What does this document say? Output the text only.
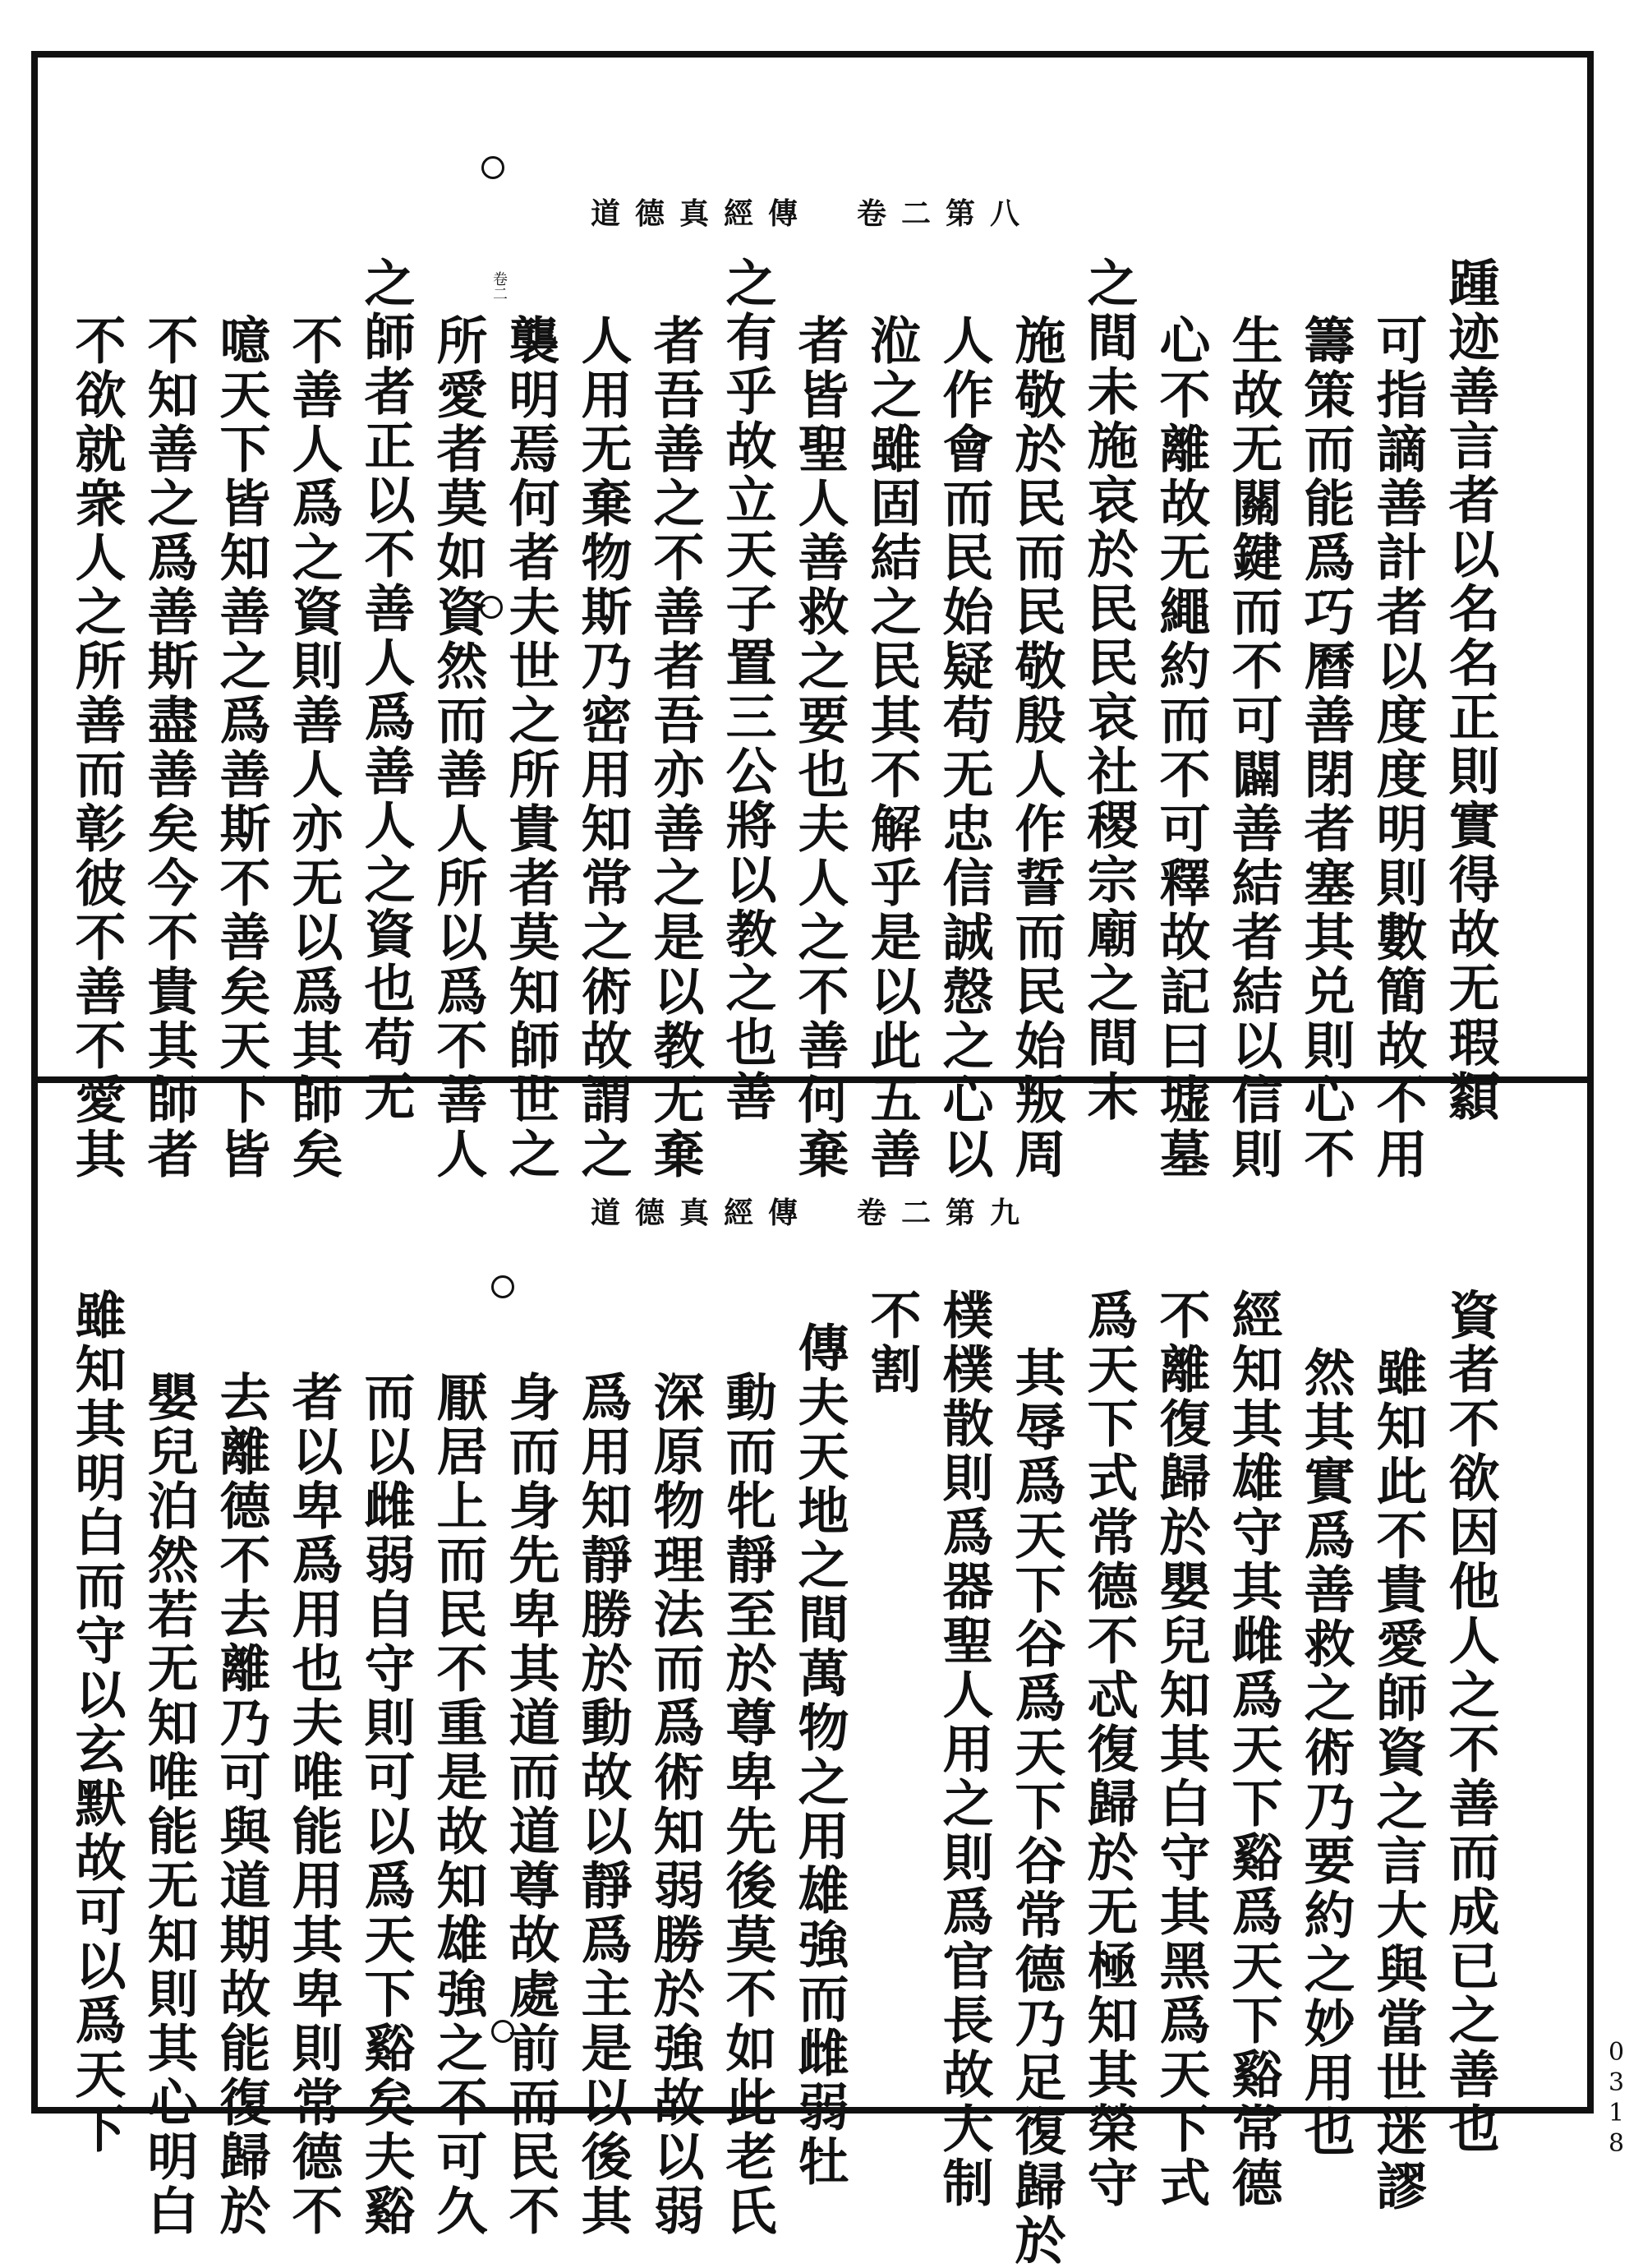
道德真經傳　卷二第八
踵迹善言者以名名正則實得故无瑕纇
可指謫善計者以度度明則數簡故不用
籌策而能爲巧曆善閉者塞其兑則心不
生故无關鍵而不可闢善結者結以信則
心不離故无繩約而不可釋故記曰墟墓
之間未施哀於民民哀社稷宗廟之間未
施敬於民而民敬殷人作誓而民始叛周
人作會而民始疑苟无忠信誠慤之心以
涖之雖固結之民其不解乎是以此五善
者皆聖人善救之要也夫人之不善何棄
之有乎故立天子置三公將以教之也善
者吾善之不善者吾亦善之是以教无棄
人用无棄物斯乃密用知常之術故謂之
襲明焉何者夫世之所貴者莫知師世之
所愛者莫如資然而善人所以爲不善人
之師者正以不善人爲善人之資也苟无
不善人爲之資則善人亦无以爲其師矣
噫天下皆知善之爲善斯不善矣天下皆
不知善之爲善斯盡善矣今不貴其師者
不欲就衆人之所善而彰彼不善不愛其
卷二
道德真經傳　卷二第九
資者不欲因他人之不善而成已之善也
雖知此不貴愛師資之言大與當世迷謬
然其實爲善救之術乃要約之妙用也
經知其雄守其雌爲天下谿爲天下谿常德
不離復歸於嬰兒知其白守其黑爲天下式
爲天下式常德不忒復歸於无極知其榮守
其辱爲天下谷爲天下谷常德乃足復歸於
樸樸散則爲器聖人用之則爲官長故大制
不割
傳夫天地之間萬物之用雄強而雌弱牡
動而牝靜至於尊卑先後莫不如此老氏
深原物理法而爲術知弱勝於強故以弱
爲用知靜勝於動故以靜爲主是以後其
身而身先卑其道而道尊故處前而民不
厭居上而民不重是故知雄強之不可久
而以雌弱自守則可以爲天下谿矣夫谿
者以卑爲用也夫唯能用其卑則常德不
去離德不去離乃可與道期故能復歸於
嬰兒泊然若无知唯能无知則其心明白
雖知其明白而守以玄默故可以爲天下	0318
